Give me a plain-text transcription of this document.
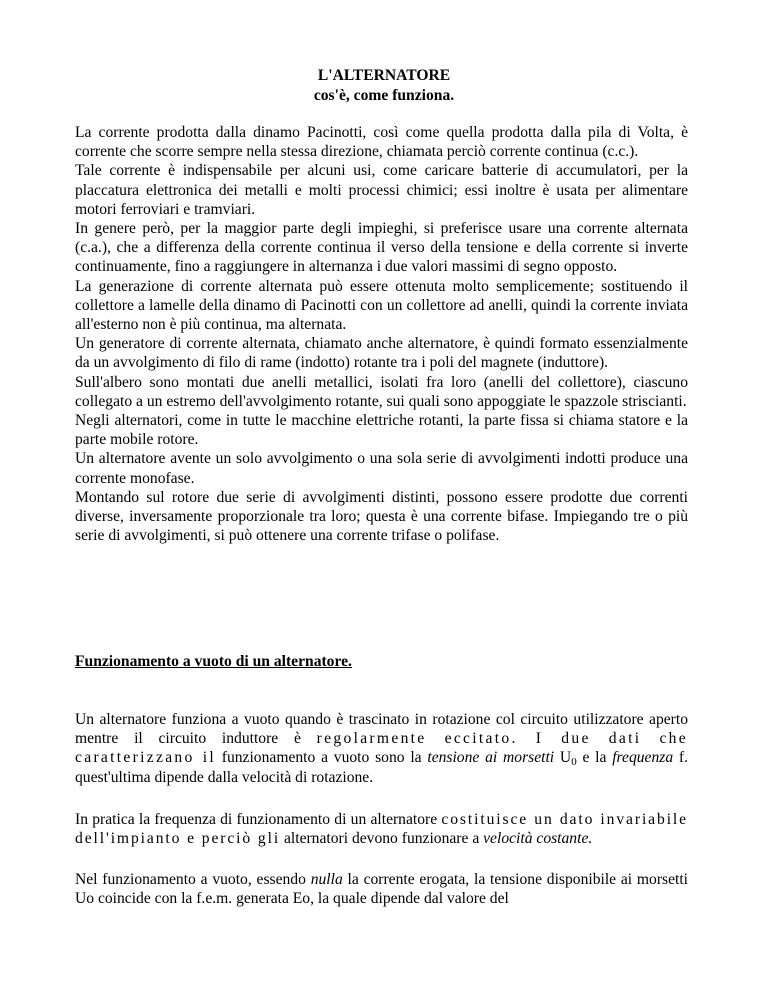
L'ALTERNATORE
cos'è, come funziona.

La corrente prodotta dalla dinamo Pacinotti, così come quella prodotta dalla pila di Volta, è corrente che scorre sempre nella stessa direzione, chiamata perciò corrente continua (c.c.).

Tale corrente è indispensabile per alcuni usi, come caricare batterie di accumulatori, per la placcatura elettronica dei metalli e molti processi chimici; essi inoltre è usata per alimentare motori ferroviari e tramviari.

In genere però, per la maggior parte degli impieghi, si preferisce usare una corrente alternata (c.a.), che a differenza della corrente continua il verso della tensione e della corrente si inverte continuamente, fino a raggiungere in alternanza i due valori massimi di segno opposto.

La generazione di corrente alternata può essere ottenuta molto semplicemente; sostituendo il collettore a lamelle della dinamo di Pacinotti con un collettore ad anelli, quindi la corrente inviata all'esterno non è più continua, ma alternata.

Un generatore di corrente alternata, chiamato anche alternatore, è quindi formato essenzialmente da un avvolgimento di filo di rame (indotto) rotante tra i poli del magnete (induttore).

Sull'albero sono montati due anelli metallici, isolati fra loro (anelli del collettore), ciascuno collegato a un estremo dell'avvolgimento rotante, sui quali sono appoggiate le spazzole striscianti.

Negli alternatori, come in tutte le macchine elettriche rotanti, la parte fissa si chiama statore e la parte mobile rotore.

Un alternatore avente un solo avvolgimento o una sola serie di avvolgimenti indotti produce una corrente monofase.

Montando sul rotore due serie di avvolgimenti distinti, possono essere prodotte due correnti diverse, inversamente proporzionale tra loro; questa è una corrente bifase. Impiegando tre o più serie di avvolgimenti, si può ottenere una corrente trifase o polifase.

Funzionamento a vuoto di un alternatore.

Un alternatore funziona a vuoto quando è trascinato in rotazione col circuito utilizzatore aperto mentre il circuito induttore è regolarmente eccitato. I due dati che caratterizzano il funzionamento a vuoto sono la tensione ai morsetti $U_0$ e la frequenza f. quest'ultima dipende dalla velocità di rotazione.

In pratica la frequenza di funzionamento di un alternatore costituisce un dato invariabile dell'impianto e perciò gli alternatori devono funzionare a velocità costante.

Nel funzionamento a vuoto, essendo nulla la corrente erogata, la tensione disponibile ai morsetti Uo coincide con la f.e.m. generata Eo, la quale dipende dal valore del
